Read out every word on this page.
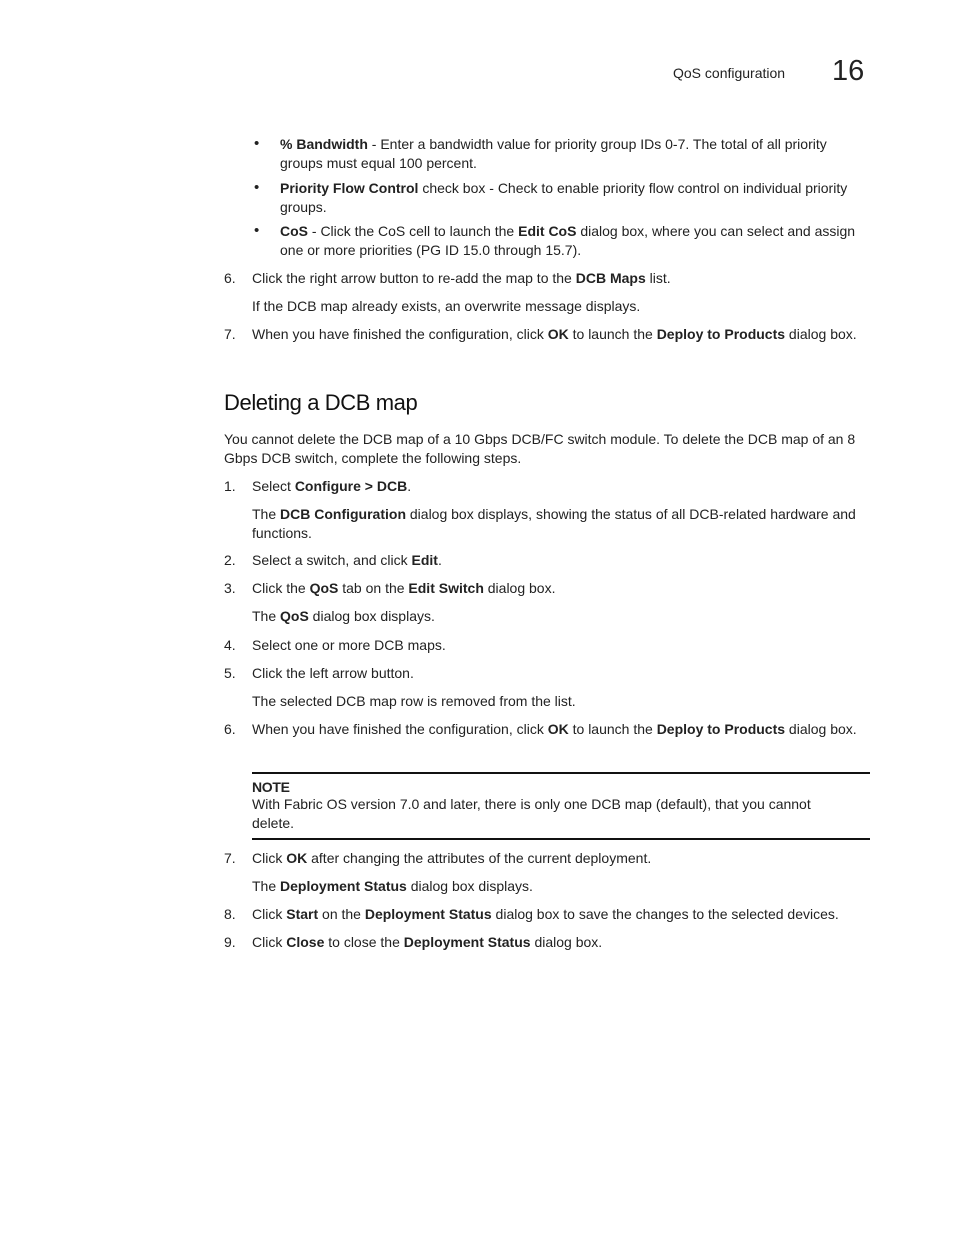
QoS configuration 16
• % Bandwidth - Enter a bandwidth value for priority group IDs 0-7. The total of all priority groups must equal 100 percent.
• Priority Flow Control check box - Check to enable priority flow control on individual priority groups.
• CoS - Click the CoS cell to launch the Edit CoS dialog box, where you can select and assign one or more priorities (PG ID 15.0 through 15.7).
6.	Click the right arrow button to re-add the map to the DCB Maps list.
If the DCB map already exists, an overwrite message displays.
7.	When you have finished the configuration, click OK to launch the Deploy to Products dialog box.
Deleting a DCB map
You cannot delete the DCB map of a 10 Gbps DCB/FC switch module. To delete the DCB map of an 8 Gbps DCB switch, complete the following steps.
1.	Select Configure > DCB.
The DCB Configuration dialog box displays, showing the status of all DCB-related hardware and functions.
2.	Select a switch, and click Edit.
3.	Click the QoS tab on the Edit Switch dialog box.
The QoS dialog box displays.
4.	Select one or more DCB maps.
5.	Click the left arrow button.
The selected DCB map row is removed from the list.
6.	When you have finished the configuration, click OK to launch the Deploy to Products dialog box.
NOTE
With Fabric OS version 7.0 and later, there is only one DCB map (default), that you cannot delete.
7.	Click OK after changing the attributes of the current deployment.
The Deployment Status dialog box displays.
8.	Click Start on the Deployment Status dialog box to save the changes to the selected devices.
9.	Click Close to close the Deployment Status dialog box.
